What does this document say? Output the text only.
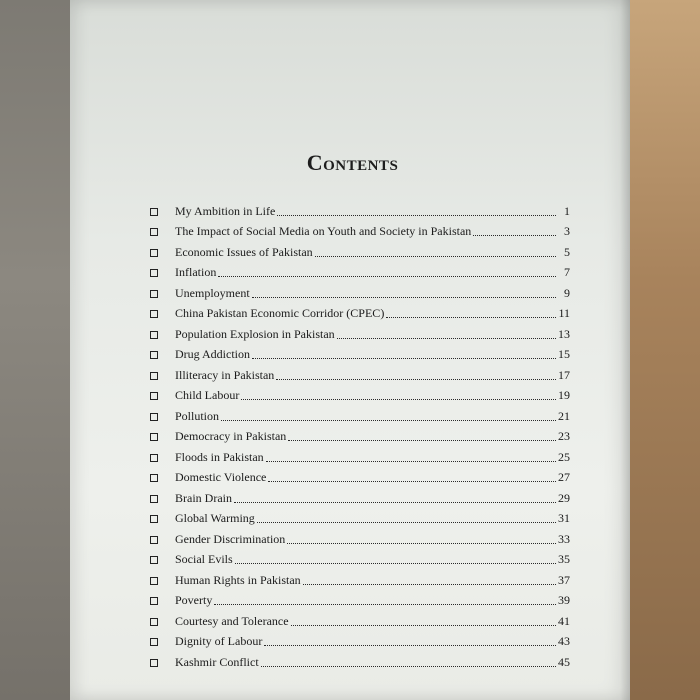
Contents
My Ambition in Life	1
The Impact of Social Media on Youth and Society in Pakistan	3
Economic Issues of Pakistan	5
Inflation	7
Unemployment	9
China Pakistan Economic Corridor (CPEC)	11
Population Explosion in Pakistan	13
Drug Addiction	15
Illiteracy in Pakistan	17
Child Labour	19
Pollution	21
Democracy in Pakistan	23
Floods in Pakistan	25
Domestic Violence	27
Brain Drain	29
Global Warming	31
Gender Discrimination	33
Social Evils	35
Human Rights in Pakistan	37
Poverty	39
Courtesy and Tolerance	41
Dignity of Labour	43
Kashmir Conflict	45
